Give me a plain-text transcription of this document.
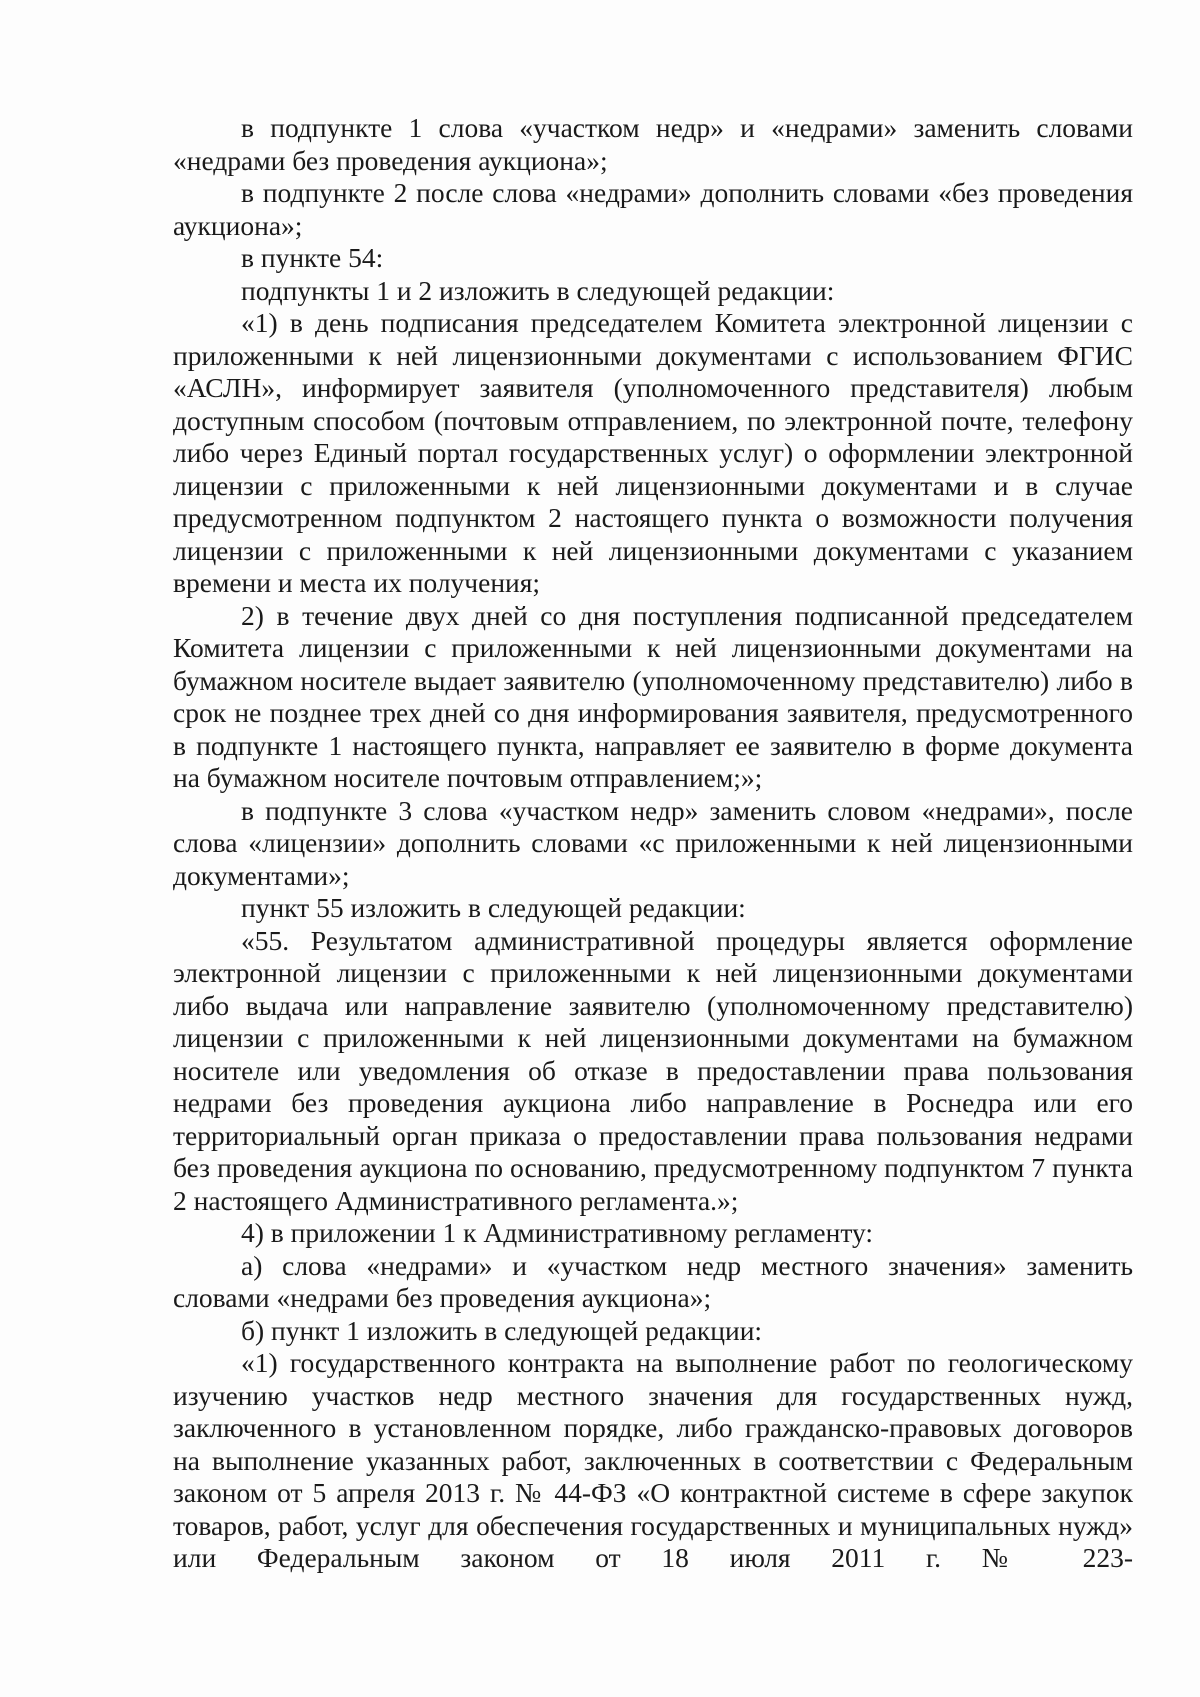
в подпункте 1 слова «участком недр» и «недрами» заменить словами «недрами без проведения аукциона»;

в подпункте 2 после слова «недрами» дополнить словами «без проведения аукциона»;

в пункте 54:

подпункты 1 и 2 изложить в следующей редакции:

«1) в день подписания председателем Комитета электронной лицензии с приложенными к ней лицензионными документами с использованием ФГИС «АСЛН», информирует заявителя (уполномоченного представителя) любым доступным способом (почтовым отправлением, по электронной почте, телефону либо через Единый портал государственных услуг) о оформлении электронной лицензии с приложенными к ней лицензионными документами и в случае предусмотренном подпунктом 2 настоящего пункта о возможности получения лицензии с приложенными к ней лицензионными документами с указанием времени и места их получения;

2) в течение двух дней со дня поступления подписанной председателем Комитета лицензии с приложенными к ней лицензионными документами на бумажном носителе выдает заявителю (уполномоченному представителю) либо в срок не позднее трех дней со дня информирования заявителя, предусмотренного в подпункте 1 настоящего пункта, направляет ее заявителю в форме документа на бумажном носителе почтовым отправлением;»;

в подпункте 3 слова «участком недр» заменить словом «недрами», после слова «лицензии» дополнить словами «с приложенными к ней лицензионными документами»;

пункт 55 изложить в следующей редакции:

«55. Результатом административной процедуры является оформление электронной лицензии с приложенными к ней лицензионными документами либо выдача или направление заявителю (уполномоченному представителю) лицензии с приложенными к ней лицензионными документами на бумажном носителе или уведомления об отказе в предоставлении права пользования недрами без проведения аукциона либо направление в Роснедра или его территориальный орган приказа о предоставлении права пользования недрами без проведения аукциона по основанию, предусмотренному подпунктом 7 пункта 2 настоящего Административного регламента.»;

4) в приложении 1 к Административному регламенту:

а) слова «недрами» и «участком недр местного значения» заменить словами «недрами без проведения аукциона»;

б) пункт 1 изложить в следующей редакции:

«1) государственного контракта на выполнение работ по геологическому изучению участков недр местного значения для государственных нужд, заключенного в установленном порядке, либо гражданско-правовых договоров на выполнение указанных работ, заключенных в соответствии с Федеральным законом от 5 апреля 2013 г. № 44-ФЗ «О контрактной системе в сфере закупок товаров, работ, услуг для обеспечения государственных и муниципальных нужд» или Федеральным законом от 18 июля 2011 г. № 223-
